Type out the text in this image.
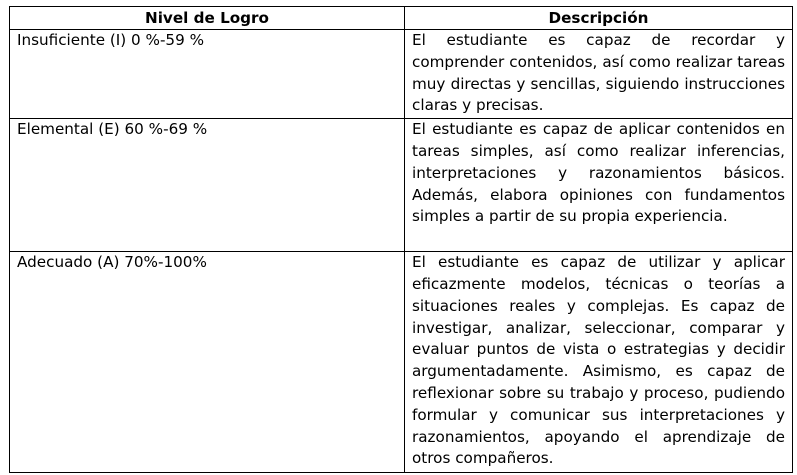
Nivel de Logro	Descripción
Insuficiente (I) 0 %-59 %	El estudiante es capaz de recordar y comprender contenidos, así como realizar tareas muy directas y sencillas, siguiendo instrucciones claras y precisas.
Elemental (E) 60 %-69 %	El estudiante es capaz de aplicar contenidos en tareas simples, así como realizar inferencias, interpretaciones y razonamientos básicos. Además, elabora opiniones con fundamentos simples a partir de su propia experiencia.
Adecuado (A) 70%-100%	El estudiante es capaz de utilizar y aplicar eficazmente modelos, técnicas o teorías a situaciones reales y complejas. Es capaz de investigar, analizar, seleccionar, comparar y evaluar puntos de vista o estrategias y decidir argumentadamente. Asimismo, es capaz de reflexionar sobre su trabajo y proceso, pudiendo formular y comunicar sus interpretaciones y razonamientos, apoyando el aprendizaje de otros compañeros.
